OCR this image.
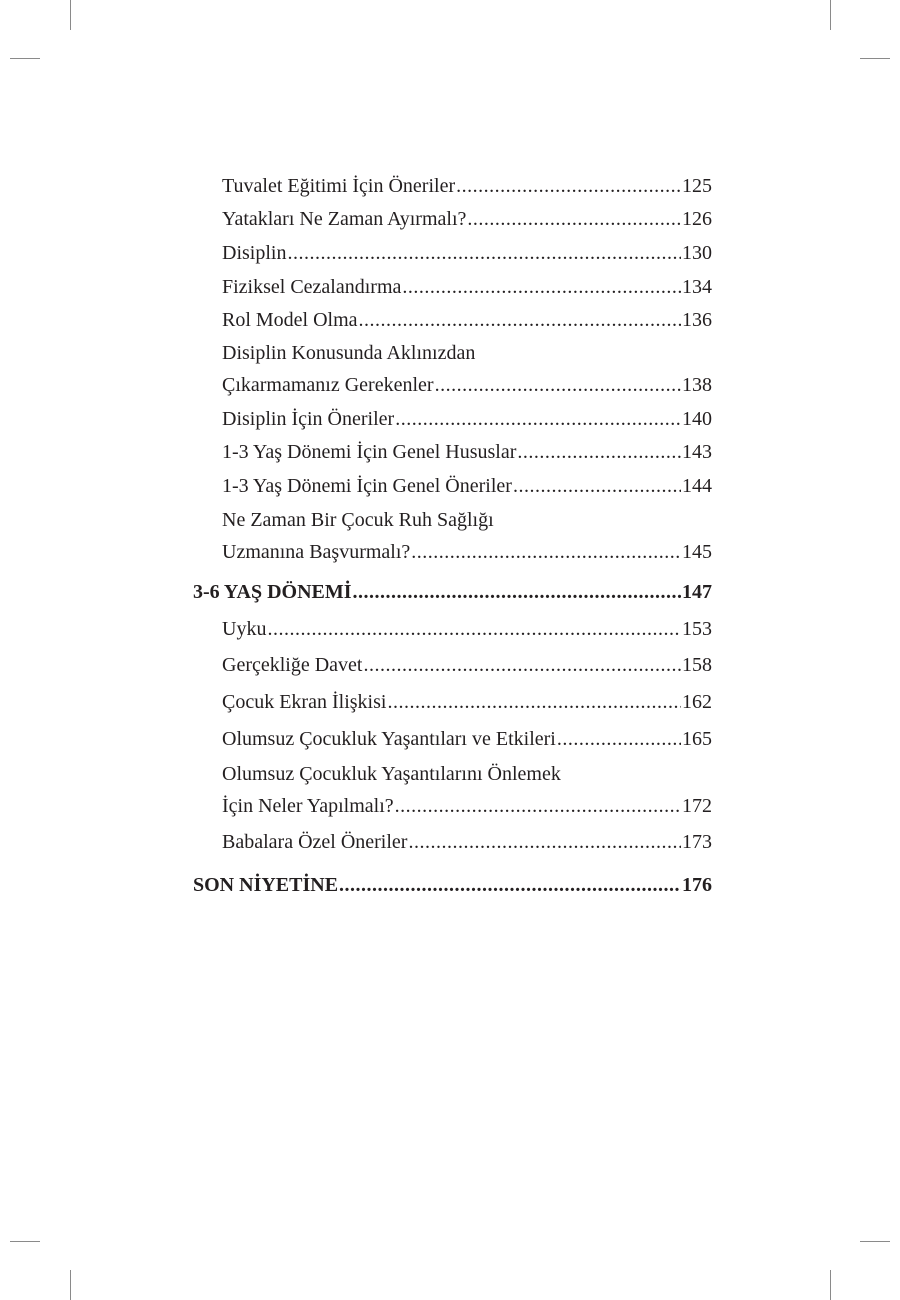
Tuvalet Eğitimi İçin Öneriler .....	125
Yatakları Ne Zaman Ayırmalı? .....	126
Disiplin .....	130
Fiziksel Cezalandırma .....	134
Rol Model Olma .....	136
Disiplin Konusunda Aklınızdan
Çıkarmamanız Gerekenler .....	138
Disiplin İçin Öneriler .....	140
1-3 Yaş Dönemi İçin Genel Hususlar .....	143
1-3 Yaş Dönemi İçin Genel Öneriler .....	144
Ne Zaman Bir Çocuk Ruh Sağlığı
Uzmanına Başvurmalı? .....	145
3-6 YAŞ DÖNEMİ .....	147
Uyku .....	153
Gerçekliğe Davet .....	158
Çocuk Ekran İlişkisi .....	162
Olumsuz Çocukluk Yaşantıları ve Etkileri .....	165
Olumsuz Çocukluk Yaşantılarını Önlemek
İçin Neler Yapılmalı? .....	172
Babalara Özel Öneriler .....	173
SON NİYETİNE .....	176
